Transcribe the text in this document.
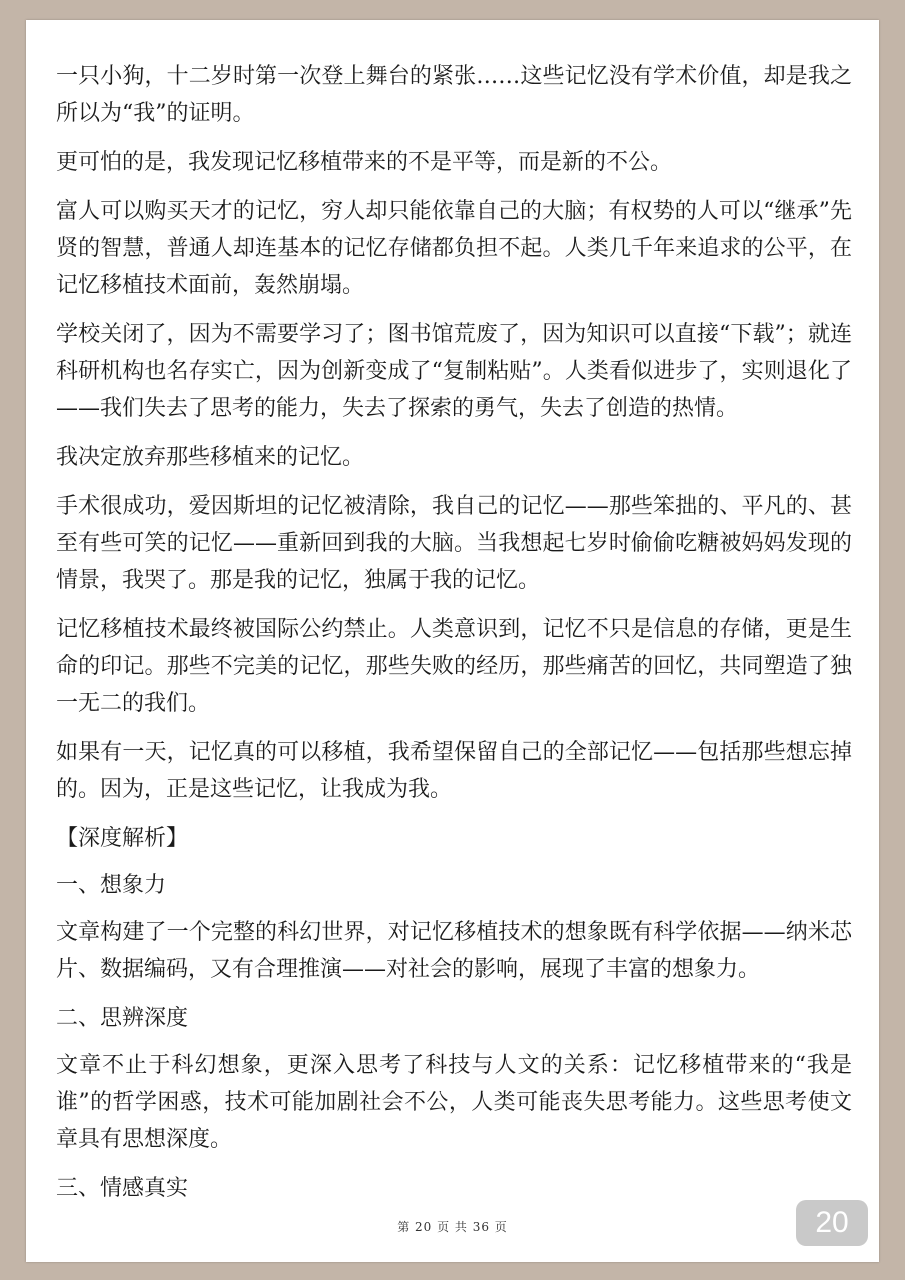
一只小狗，十二岁时第一次登上舞台的紧张……这些记忆没有学术价值，却是我之所以为“我”的证明。

更可怕的是，我发现记忆移植带来的不是平等，而是新的不公。

富人可以购买天才的记忆，穷人却只能依靠自己的大脑；有权势的人可以“继承”先贤的智慧，普通人却连基本的记忆存储都负担不起。人类几千年来追求的公平，在记忆移植技术面前，轰然崩塌。

学校关闭了，因为不需要学习了；图书馆荒废了，因为知识可以直接“下载”；就连科研机构也名存实亡，因为创新变成了“复制粘贴”。人类看似进步了，实则退化了——我们失去了思考的能力，失去了探索的勇气，失去了创造的热情。

我决定放弃那些移植来的记忆。

手术很成功，爱因斯坦的记忆被清除，我自己的记忆——那些笨拙的、平凡的、甚至有些可笑的记忆——重新回到我的大脑。当我想起七岁时偷偷吃糖被妈妈发现的情景，我哭了。那是我的记忆，独属于我的记忆。

记忆移植技术最终被国际公约禁止。人类意识到，记忆不只是信息的存储，更是生命的印记。那些不完美的记忆，那些失败的经历，那些痛苦的回忆，共同塑造了独一无二的我们。

如果有一天，记忆真的可以移植，我希望保留自己的全部记忆——包括那些想忘掉的。因为，正是这些记忆，让我成为我。

【深度解析】

一、想象力

文章构建了一个完整的科幻世界，对记忆移植技术的想象既有科学依据——纳米芯片、数据编码，又有合理推演——对社会的影响，展现了丰富的想象力。

二、思辨深度

文章不止于科幻想象，更深入思考了科技与人文的关系：记忆移植带来的“我是谁”的哲学困惑，技术可能加剧社会不公，人类可能丧失思考能力。这些思考使文章具有思想深度。

三、情感真实

第 20 页 共 36 页	20
